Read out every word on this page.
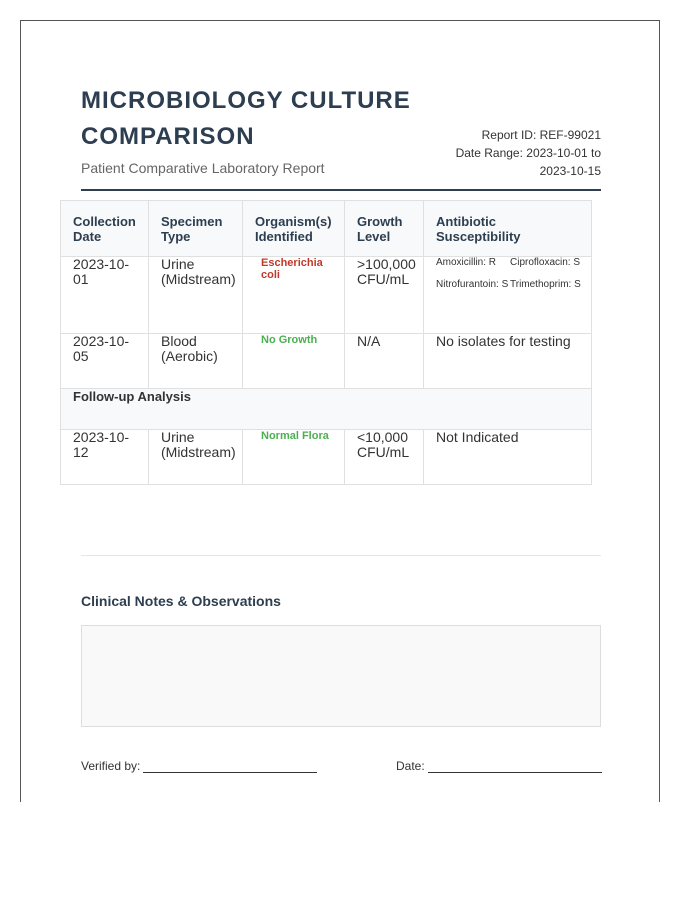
MICROBIOLOGY CULTURE COMPARISON
Patient Comparative Laboratory Report
Report ID: REF-99021
Date Range: 2023-10-01 to
2023-10-15
Clinical Notes & Observations
Verified by:	Date:
Collection Date	Specimen Type	Organism(s) Identified	Growth Level	Antibiotic Susceptibility
2023-10-01	Urine (Midstream)	Escherichia coli	>100,000 CFU/mL	Amoxicillin: R Ciprofloxacin: S
Nitrofurantoin: S Trimethoprim: S

2023-10-05	Blood (Aerobic)	No Growth	N/A	No isolates for testing
Follow-up Analysis				
2023-10-12	Urine (Midstream)	Normal Flora	<10,000 CFU/mL	Not Indicated
